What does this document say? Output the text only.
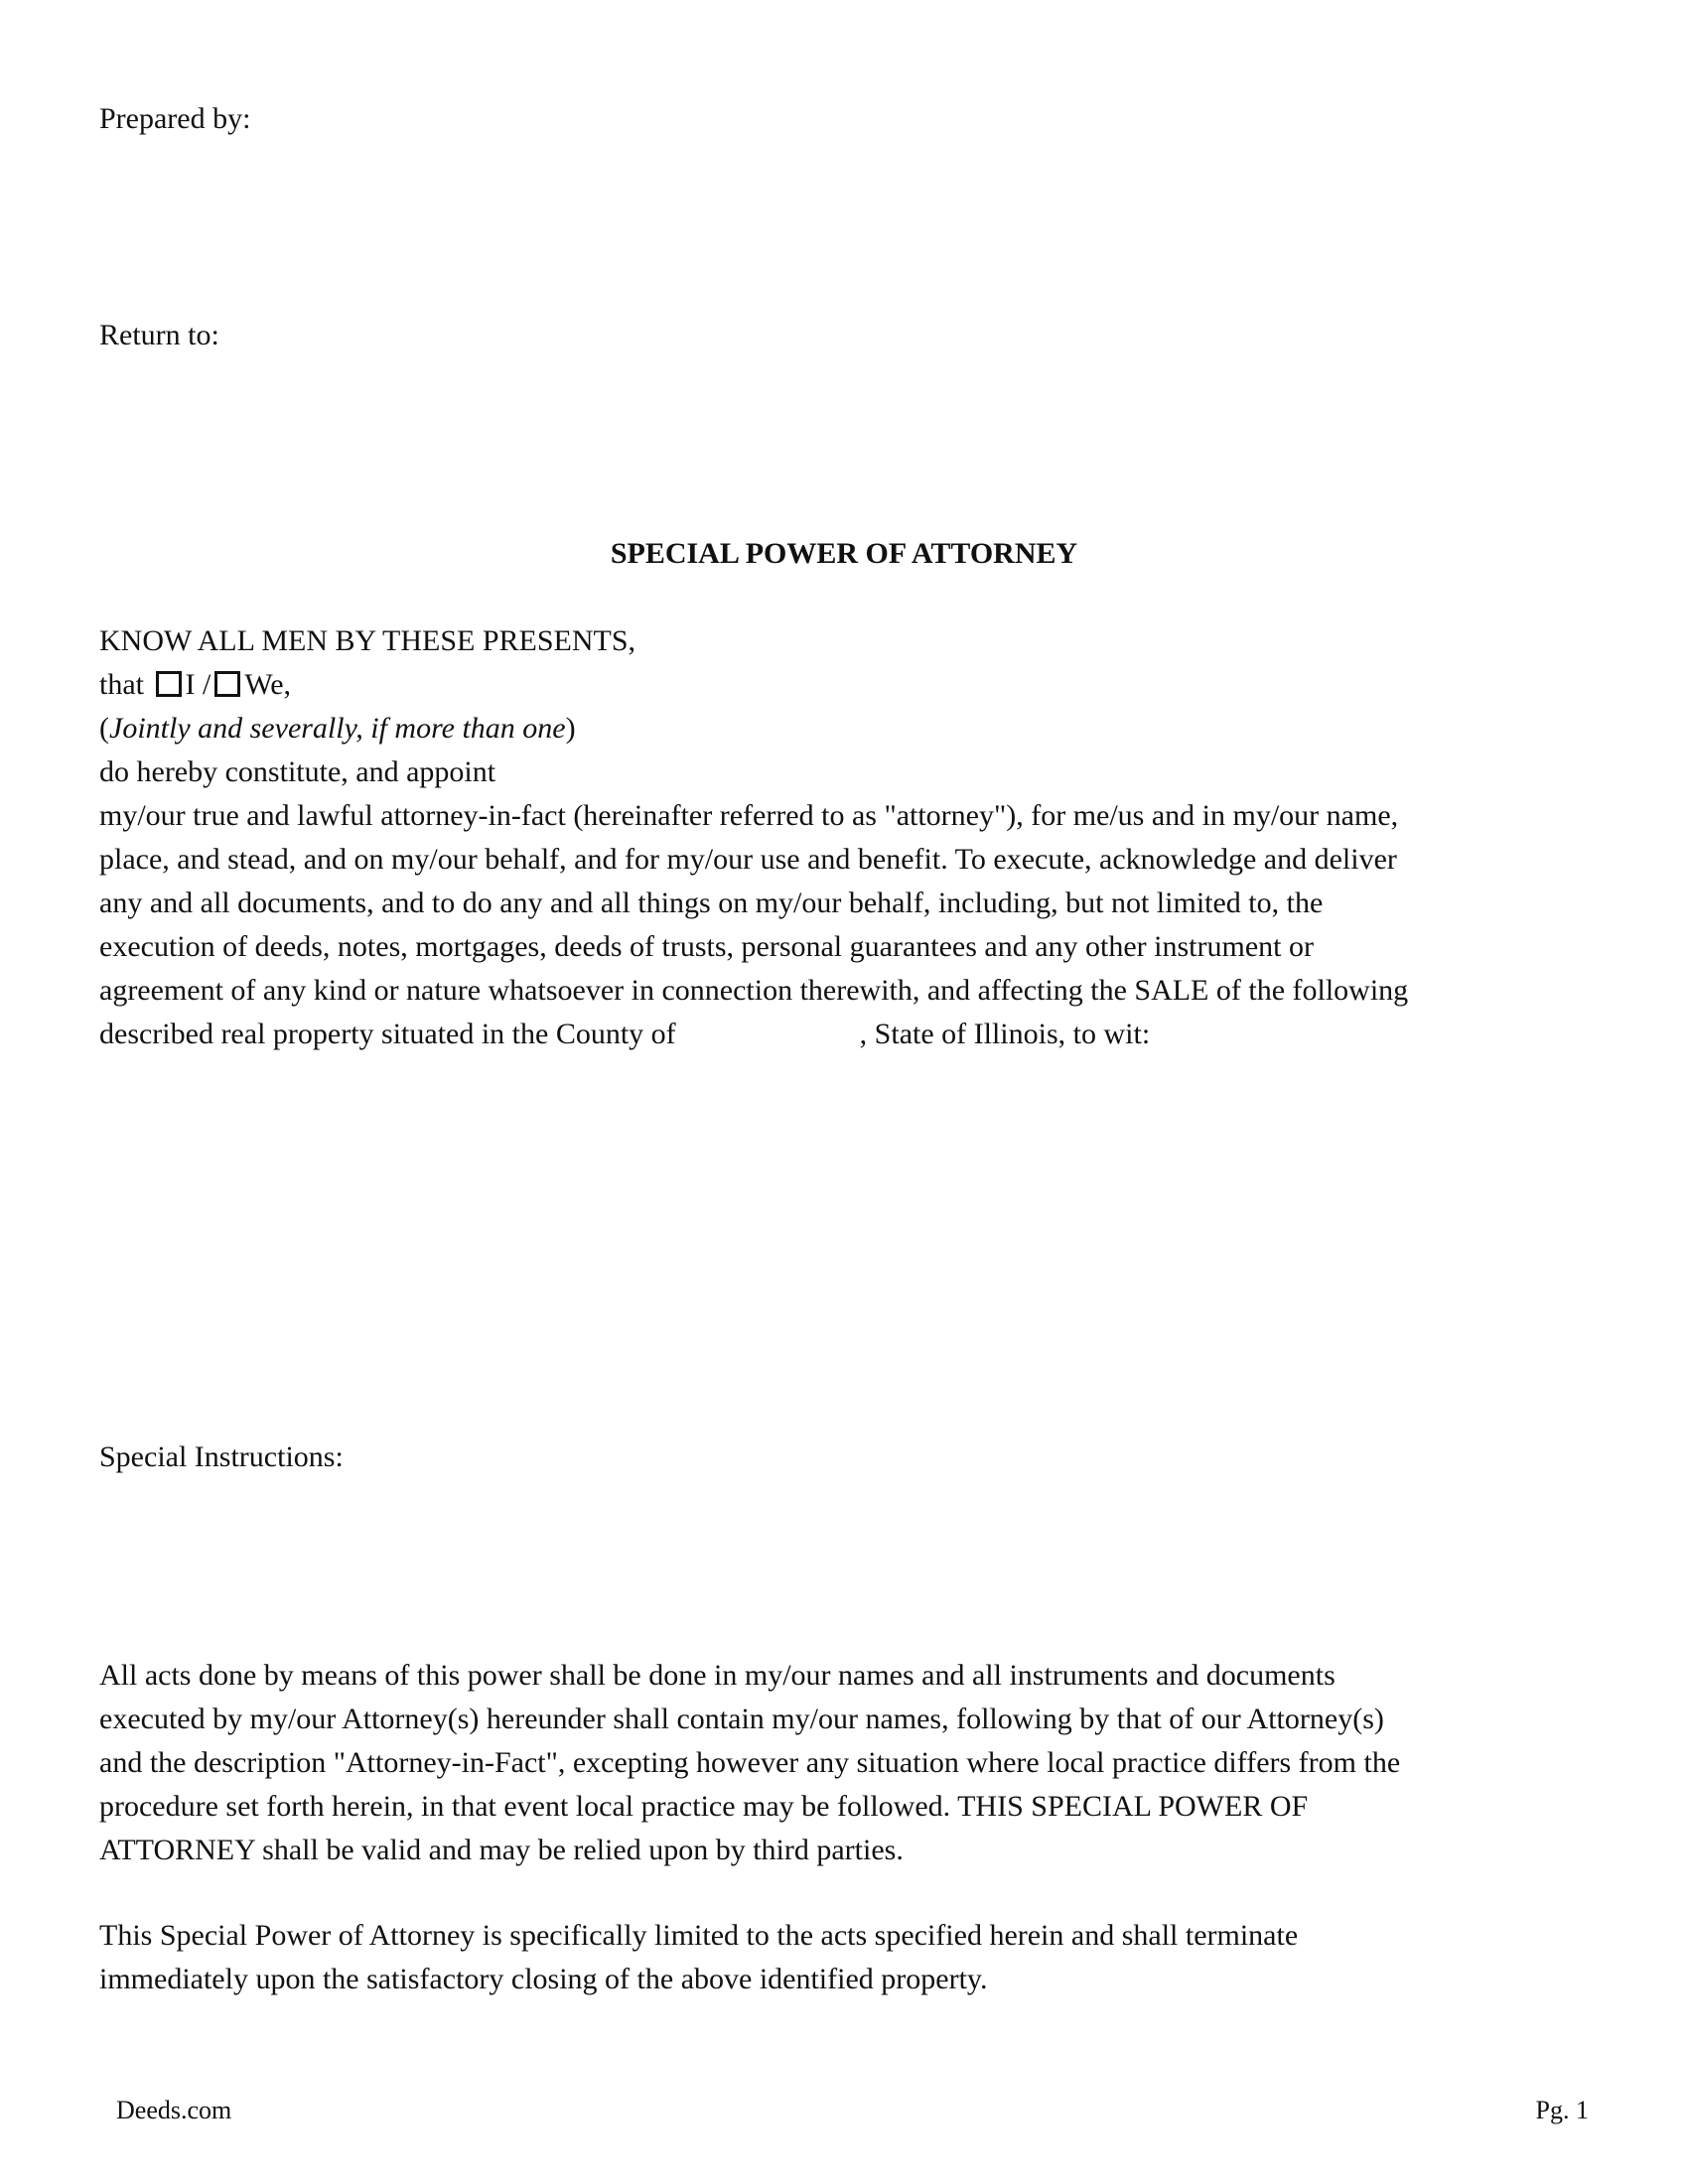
Prepared by:
Return to:
SPECIAL POWER OF ATTORNEY
KNOW ALL MEN BY THESE PRESENTS,
that I / We,
(Jointly and severally, if more than one)
do hereby constitute, and appoint
my/our true and lawful attorney-in-fact (hereinafter referred to as "attorney"), for me/us and in my/our name,
place, and stead, and on my/our behalf, and for my/our use and benefit. To execute, acknowledge and deliver
any and all documents, and to do any and all things on my/our behalf, including, but not limited to, the
execution of deeds, notes, mortgages, deeds of trusts, personal guarantees and any other instrument or
agreement of any kind or nature whatsoever in connection therewith, and affecting the SALE of the following
described real property situated in the County of	, State of Illinois, to wit:
Special Instructions:
All acts done by means of this power shall be done in my/our names and all instruments and documents
executed by my/our Attorney(s) hereunder shall contain my/our names, following by that of our Attorney(s)
and the description "Attorney-in-Fact", excepting however any situation where local practice differs from the
procedure set forth herein, in that event local practice may be followed. THIS SPECIAL POWER OF
ATTORNEY shall be valid and may be relied upon by third parties.
This Special Power of Attorney is specifically limited to the acts specified herein and shall terminate
immediately upon the satisfactory closing of the above identified property.
Deeds.com	Pg. 1
